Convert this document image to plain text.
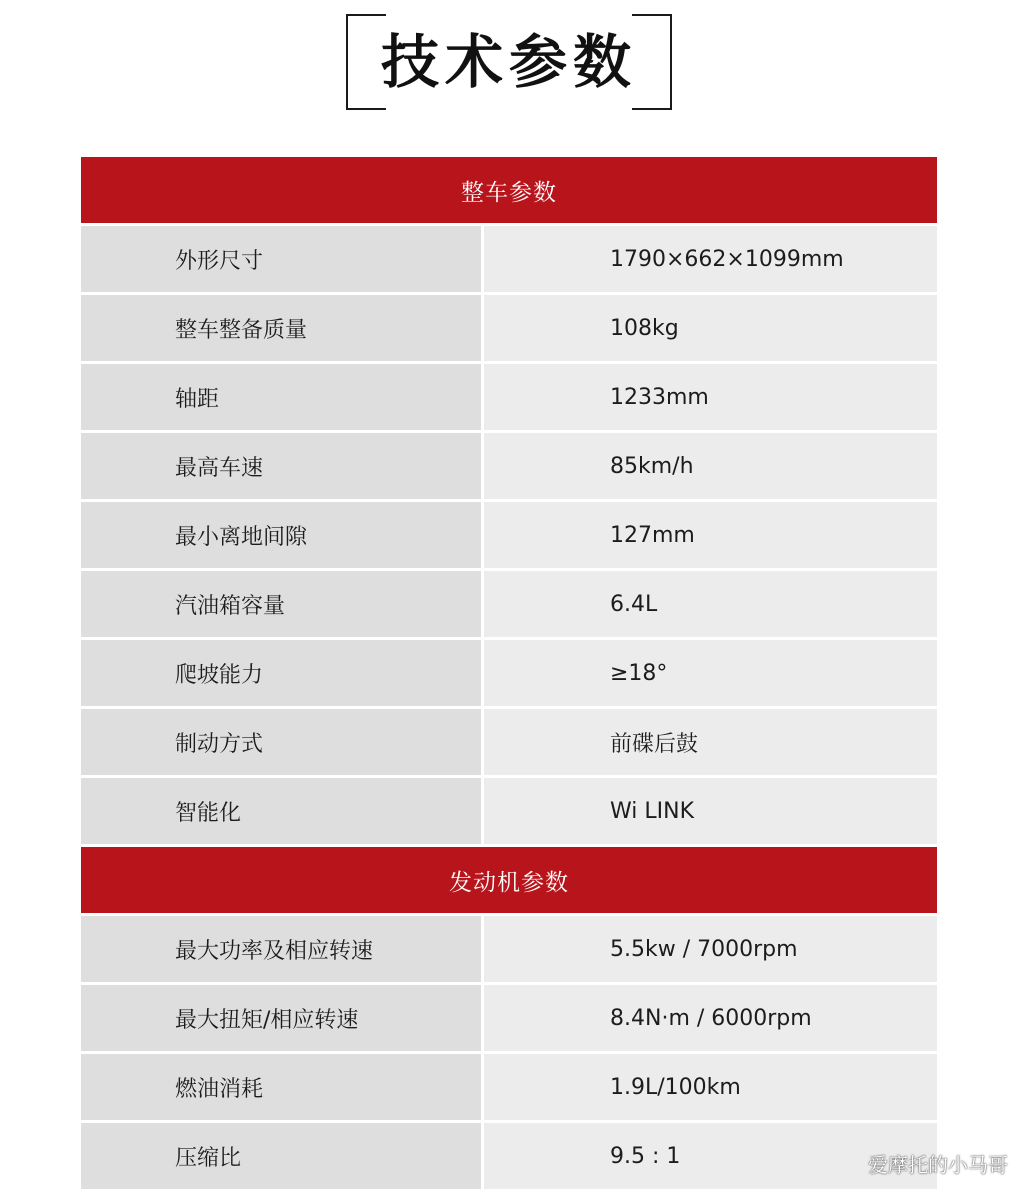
技术参数
整车参数
外形尺寸	1790×662×1099mm
整车整备质量	108kg
轴距	1233mm
最高车速	85km/h
最小离地间隙	127mm
汽油箱容量	6.4L
爬坡能力	≥18°
制动方式	前碟后鼓
智能化	Wi LINK
发动机参数
最大功率及相应转速	5.5kw / 7000rpm
最大扭矩/相应转速	8.4N·m / 6000rpm
燃油消耗	1.9L/100km
压缩比	9.5 : 1	爱摩托的小马哥
